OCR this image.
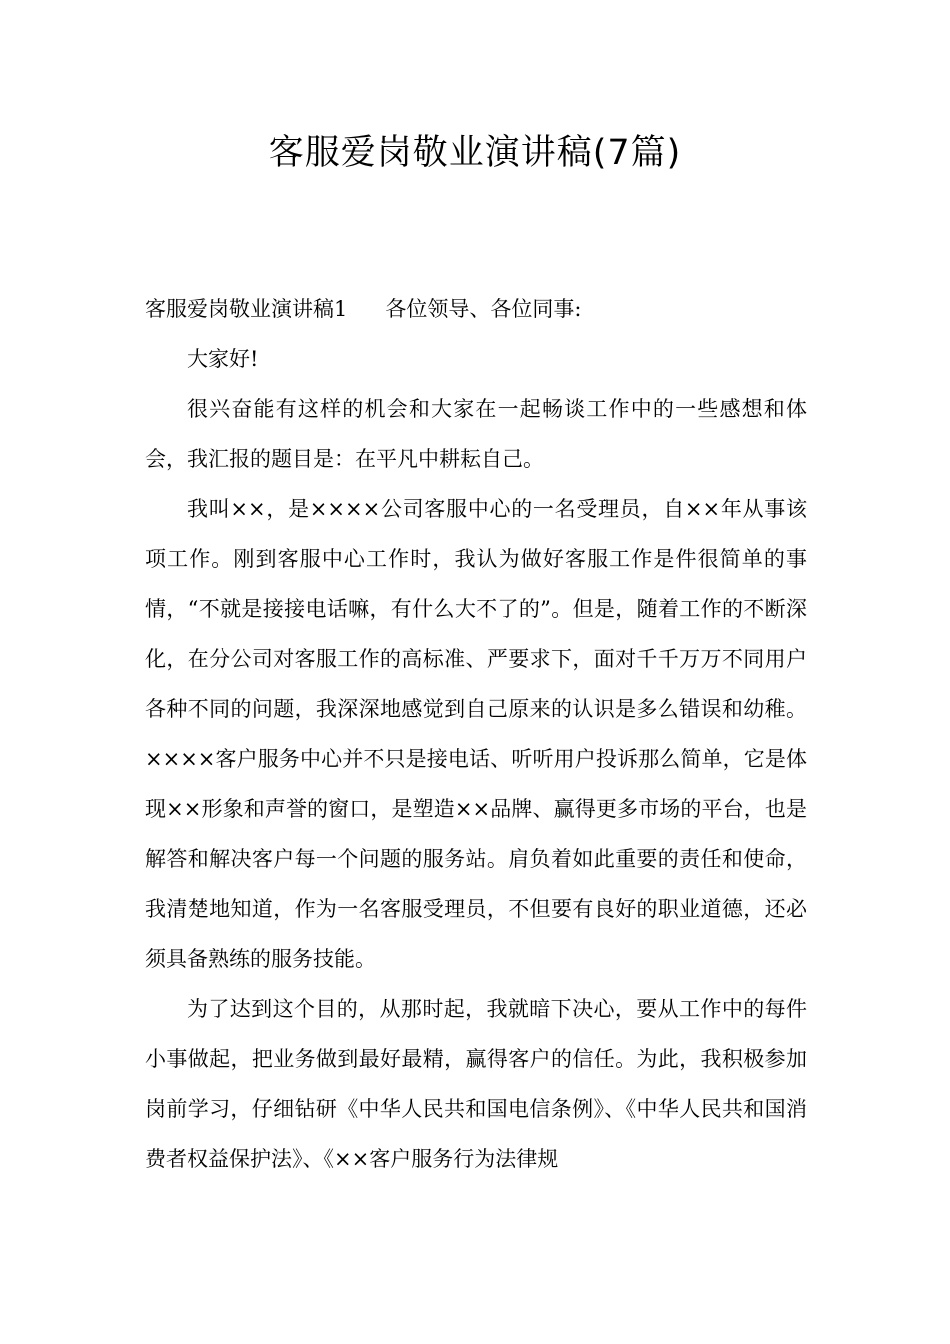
客服爱岗敬业演讲稿(7篇)

客服爱岗敬业演讲稿1 各位领导、各位同事:

大家好!

很兴奋能有这样的机会和大家在一起畅谈工作中的一些感想和体会，我汇报的题目是：在平凡中耕耘自己。

我叫××，是××××公司客服中心的一名受理员，自××年从事该项工作。刚到客服中心工作时，我认为做好客服工作是件很简单的事情，“不就是接接电话嘛，有什么大不了的”。但是，随着工作的不断深化，在分公司对客服工作的高标准、严要求下，面对千千万万不同用户各种不同的问题，我深深地感觉到自己原来的认识是多么错误和幼稚。××××客户服务中心并不只是接电话、听听用户投诉那么简单，它是体现××形象和声誉的窗口，是塑造××品牌、赢得更多市场的平台，也是解答和解决客户每一个问题的服务站。肩负着如此重要的责任和使命，我清楚地知道，作为一名客服受理员，不但要有良好的职业道德，还必须具备熟练的服务技能。

为了达到这个目的，从那时起，我就暗下决心，要从工作中的每件小事做起，把业务做到最好最精，赢得客户的信任。为此，我积极参加岗前学习，仔细钻研《中华人民共和国电信条例》、《中华人民共和国消费者权益保护法》、《××客户服务行为法律规
